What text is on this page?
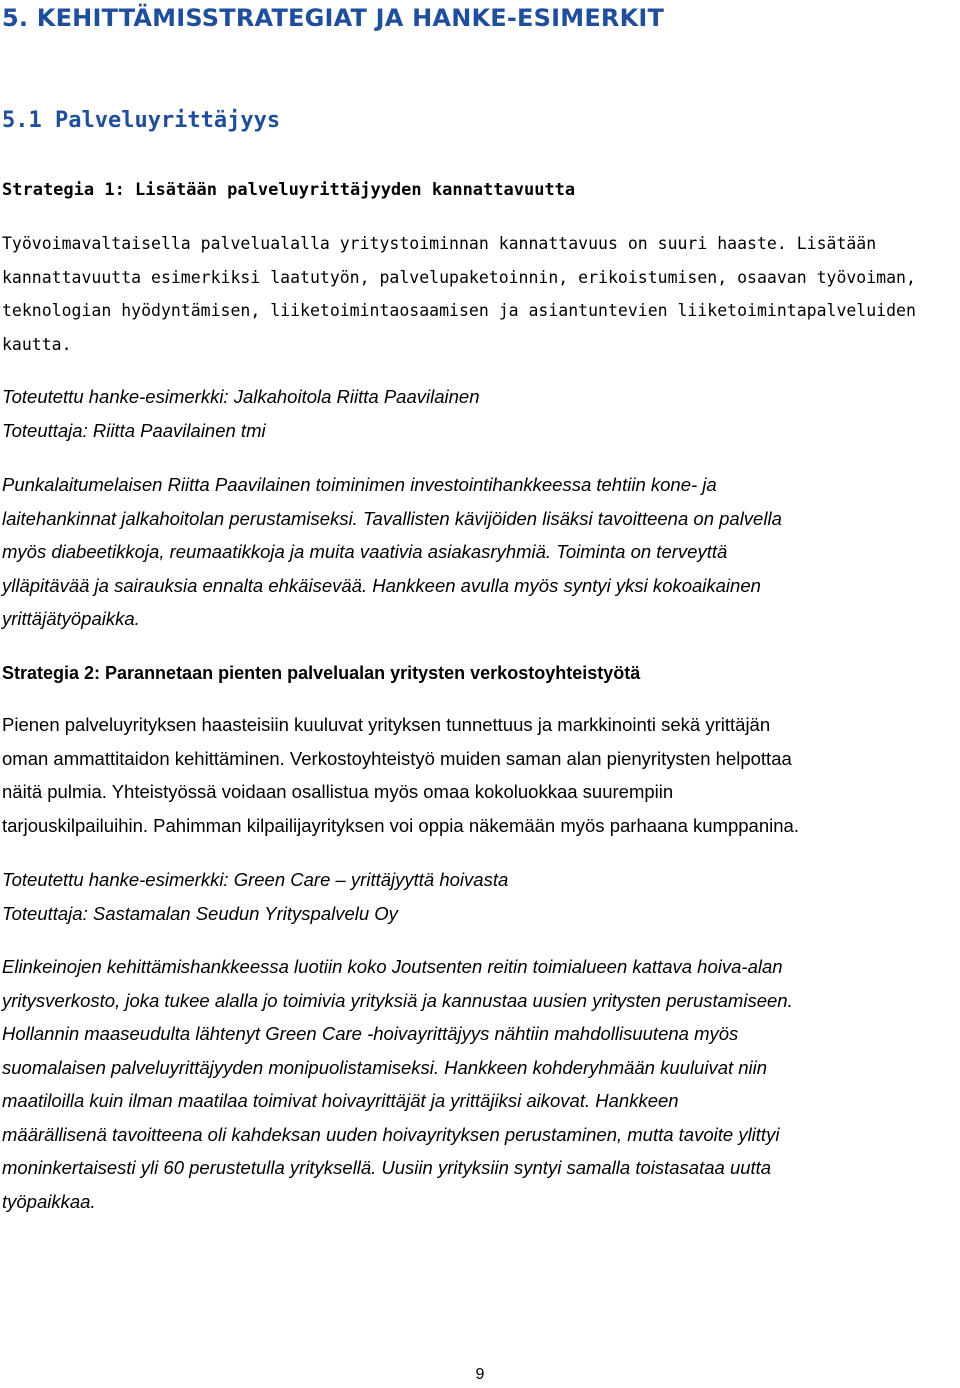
5. KEHITTÄMISSTRATEGIAT JA HANKE-ESIMERKIT
5.1 Palveluyrittäjyys
Strategia 1: Lisätään palveluyrittäjyyden kannattavuutta
Työvoimavaltaisella palvelualalla yritystoiminnan kannattavuus on suuri haaste. Lisätään
kannattavuutta esimerkiksi laatutyön, palvelupaketoinnin, erikoistumisen, osaavan työvoiman,
teknologian hyödyntämisen, liiketoimintaosaamisen ja asiantuntevien liiketoimintapalveluiden
kautta.
Toteutettu hanke-esimerkki: Jalkahoitola Riitta Paavilainen
Toteuttaja: Riitta Paavilainen tmi
Punkalaitumelaisen Riitta Paavilainen toiminimen investointihankkeessa tehtiin kone- ja
laitehankinnat jalkahoitolan perustamiseksi. Tavallisten kävijöiden lisäksi tavoitteena on palvella
myös diabeetikkoja, reumaatikkoja ja muita vaativia asiakasryhmiä. Toiminta on terveyttä
ylläpitävää ja sairauksia ennalta ehkäisevää. Hankkeen avulla myös syntyi yksi kokoaikainen
yrittäjätyöpaikka.
Strategia 2: Parannetaan pienten palvelualan yritysten verkostoyhteistyötä
Pienen palveluyrityksen haasteisiin kuuluvat yrityksen tunnettuus ja markkinointi sekä yrittäjän
oman ammattitaidon kehittäminen. Verkostoyhteistyö muiden saman alan pienyritysten helpottaa
näitä pulmia. Yhteistyössä voidaan osallistua myös omaa kokoluokkaa suurempiin
tarjouskilpailuihin. Pahimman kilpailijayrityksen voi oppia näkemään myös parhaana kumppanina.
Toteutettu hanke-esimerkki: Green Care – yrittäjyyttä hoivasta
Toteuttaja: Sastamalan Seudun Yrityspalvelu Oy
Elinkeinojen kehittämishankkeessa luotiin koko Joutsenten reitin toimialueen kattava hoiva-alan
yritysverkosto, joka tukee alalla jo toimivia yrityksiä ja kannustaa uusien yritysten perustamiseen.
Hollannin maaseudulta lähtenyt Green Care -hoivayrittäjyys nähtiin mahdollisuutena myös
suomalaisen palveluyrittäjyyden monipuolistamiseksi. Hankkeen kohderyhmään kuuluivat niin
maatiloilla kuin ilman maatilaa toimivat hoivayrittäjät ja yrittäjiksi aikovat. Hankkeen
määrällisenä tavoitteena oli kahdeksan uuden hoivayrityksen perustaminen, mutta tavoite ylittyi
moninkertaisesti yli 60 perustetulla yrityksellä. Uusiin yrityksiin syntyi samalla toistasataa uutta
työpaikkaa.
9
